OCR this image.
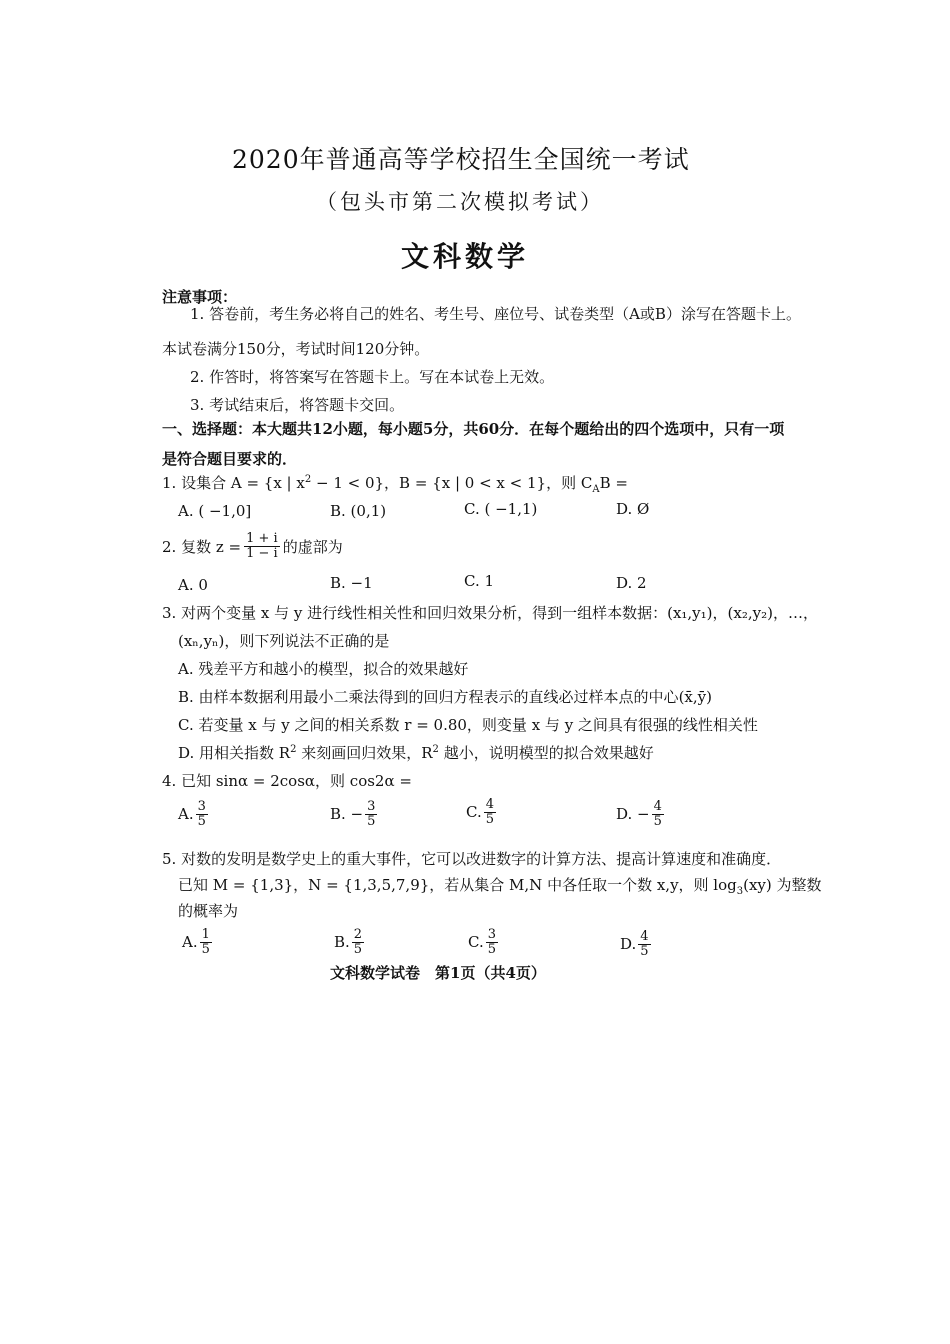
2020年普通高等学校招生全国统一考试
（包头市第二次模拟考试）
文科数学
注意事项：
1. 答卷前，考生务必将自己的姓名、考生号、座位号、试卷类型（A或B）涂写在答题卡上。
本试卷满分150分，考试时间120分钟。
2. 作答时，将答案写在答题卡上。写在本试卷上无效。
3. 考试结束后，将答题卡交回。
一、选择题：本大题共12小题，每小题5分，共60分．在每个题给出的四个选项中，只有一项
是符合题目要求的．
1. 设集合 A = {x | $x^2 - 1 < 0$}，B = {x | 0 < x < 1}，则 $C_AB$ =
A. ( −1,0]	B. (0,1)	C. ( −1,1)	D. Ø
2. 复数 $z = \frac{1 + i}{1 - i}$ 的虚部为
A. 0	B. −1	C. 1	D. 2
3. 对两个变量 x 与 y 进行线性相关性和回归效果分析，得到一组样本数据：(x₁,y₁)，(x₂,y₂)，…，
(xₙ,yₙ)，则下列说法不正确的是
A. 残差平方和越小的模型，拟合的效果越好
B. 由样本数据利用最小二乘法得到的回归方程表示的直线必过样本点的中心(x̄,ȳ)
C. 若变量 x 与 y 之间的相关系数 r = 0.80，则变量 x 与 y 之间具有很强的线性相关性
D. 用相关指数 $R^2$ 来刻画回归效果，$R^2$ 越小，说明模型的拟合效果越好
4. 已知 sinα = 2cosα，则 cos2α =
A. $\frac{3}{5}$	B. − $\frac{3}{5}$	C. $\frac{4}{5}$	D. − $\frac{4}{5}$
5. 对数的发明是数学史上的重大事件，它可以改进数字的计算方法、提高计算速度和准确度．
已知 M = {1,3}，N = {1,3,5,7,9}，若从集合 M,N 中各任取一个数 x,y，则 $\log_3(xy)$ 为整数
的概率为
A. $\frac{1}{5}$	B. $\frac{2}{5}$	C. $\frac{3}{5}$	D. $\frac{4}{5}$
文科数学试卷　第1页（共4页）
